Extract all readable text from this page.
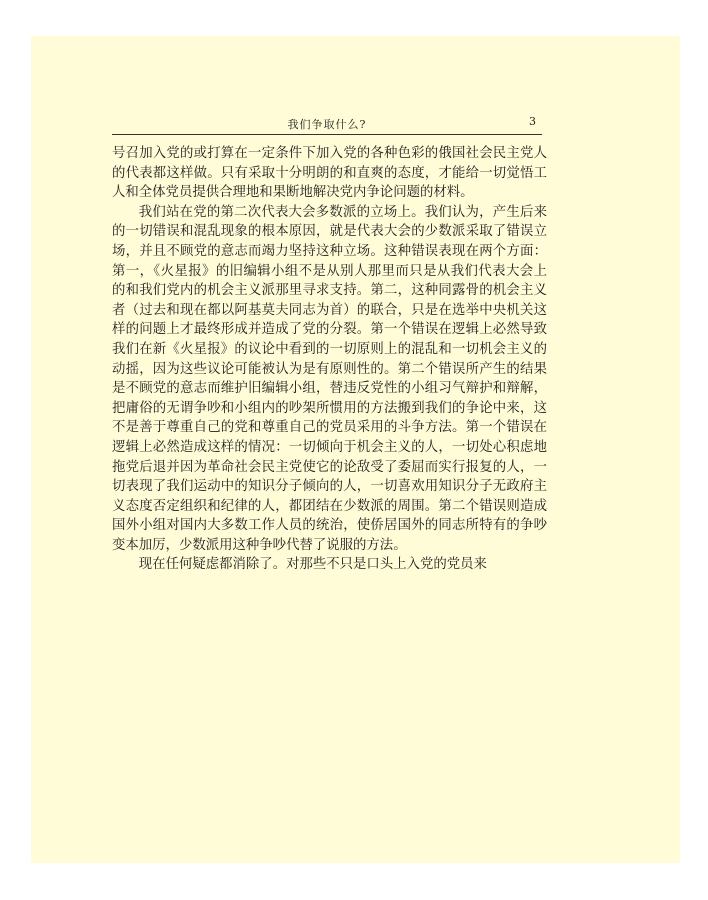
我们争取什么?	3

号召加入党的或打算在一定条件下加入党的各种色彩的俄国社会民主党人的代表都这样做。只有采取十分明朗的和直爽的态度，才能给一切觉悟工人和全体党员提供合理地和果断地解决党内争论问题的材料。

我们站在党的第二次代表大会多数派的立场上。我们认为，产生后来的一切错误和混乱现象的根本原因，就是代表大会的少数派采取了错误立场，并且不顾党的意志而竭力坚持这种立场。这种错误表现在两个方面：第一，《火星报》的旧编辑小组不是从别人那里而只是从我们代表大会上的和我们党内的机会主义派那里寻求支持。第二，这种同露骨的机会主义者（过去和现在都以阿基莫夫同志为首）的联合，只是在选举中央机关这样的问题上才最终形成并造成了党的分裂。第一个错误在逻辑上必然导致我们在新《火星报》的议论中看到的一切原则上的混乱和一切机会主义的动摇，因为这些议论可能被认为是有原则性的。第二个错误所产生的结果是不顾党的意志而维护旧编辑小组，替违反党性的小组习气辩护和辩解，把庸俗的无谓争吵和小组内的吵架所惯用的方法搬到我们的争论中来，这不是善于尊重自己的党和尊重自己的党员采用的斗争方法。第一个错误在逻辑上必然造成这样的情况：一切倾向于机会主义的人，一切处心积虑地拖党后退并因为革命社会民主党使它的论敌受了委屈而实行报复的人，一切表现了我们运动中的知识分子倾向的人，一切喜欢用知识分子无政府主义态度否定组织和纪律的人，都团结在少数派的周围。第二个错误则造成国外小组对国内大多数工作人员的统治，使侨居国外的同志所特有的争吵变本加厉，少数派用这种争吵代替了说服的方法。

现在任何疑虑都消除了。对那些不只是口头上入党的党员来
